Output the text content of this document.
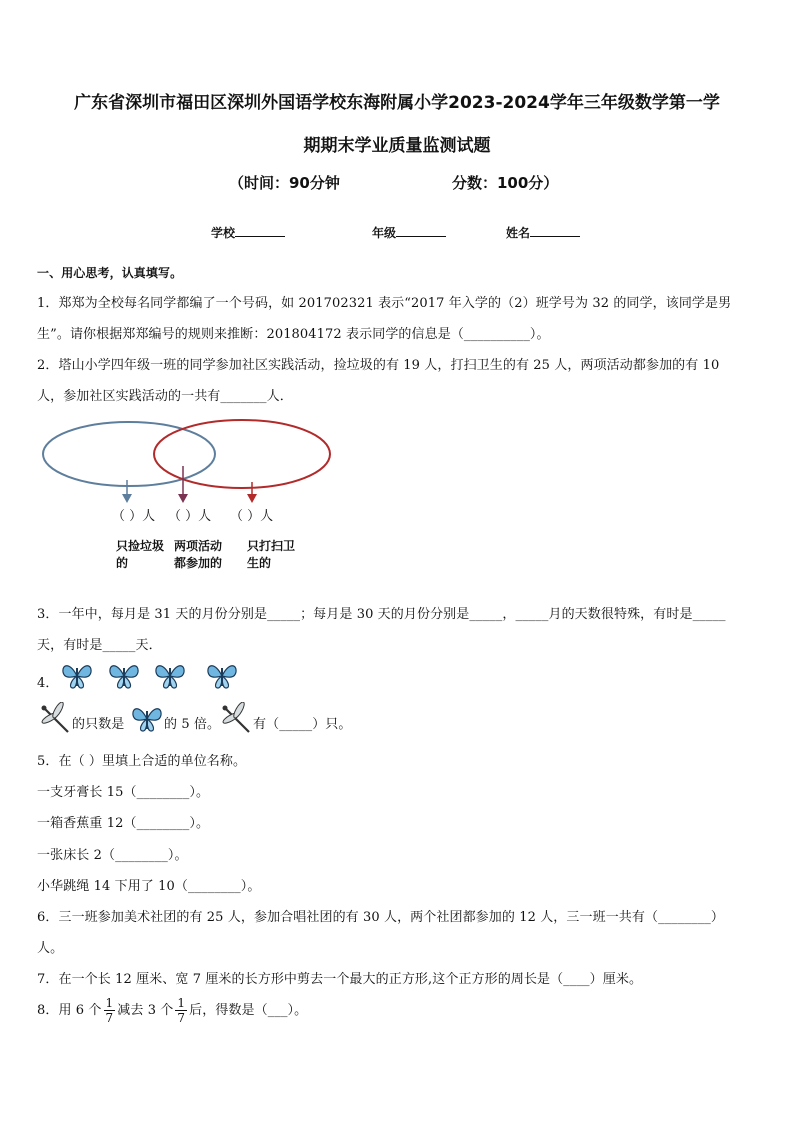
广东省深圳市福田区深圳外国语学校东海附属小学2023-2024学年三年级数学第一学
期期末学业质量监测试题
（时间：90分钟	分数：100分）
学校	年级	姓名
一、用心思考，认真填写。
1．郑郑为全校每名同学都编了一个号码，如 201702321 表示“2017 年入学的（2）班学号为 32 的同学，该同学是男
生”。请你根据郑郑编号的规则来推断：201804172 表示同学的信息是（__________）。
2．塔山小学四年级一班的同学参加社区实践活动，捡垃圾的有 19 人，打扫卫生的有 25 人，两项活动都参加的有 10
人，参加社区实践活动的一共有_______人．
（ ）人 （ ）人 （ ）人
只捡垃圾的
两项活动都参加的
只打扫卫生的
3．一年中，每月是 31 天的月份分别是_____；每月是 30 天的月份分别是_____，_____月的天数很特殊，有时是_____
天，有时是_____天．
4．
的只数是	的 5 倍。	有（_____）只。
5．在（ ）里填上合适的单位名称。
一支牙膏长 15（________）。
一箱香蕉重 12（________）。
一张床长 2（________）。
小华跳绳 14 下用了 10（________）。
6．三一班参加美术社团的有 25 人，参加合唱社团的有 30 人，两个社团都参加的 12 人，三一班一共有（________）
人。
7．在一个长 12 厘米、宽 7 厘米的长方形中剪去一个最大的正方形,这个正方形的周长是（____）厘米。
8．用 6 个 $\frac{1}{7}$ 减去 3 个 $\frac{1}{7}$ 后，得数是（___）。
